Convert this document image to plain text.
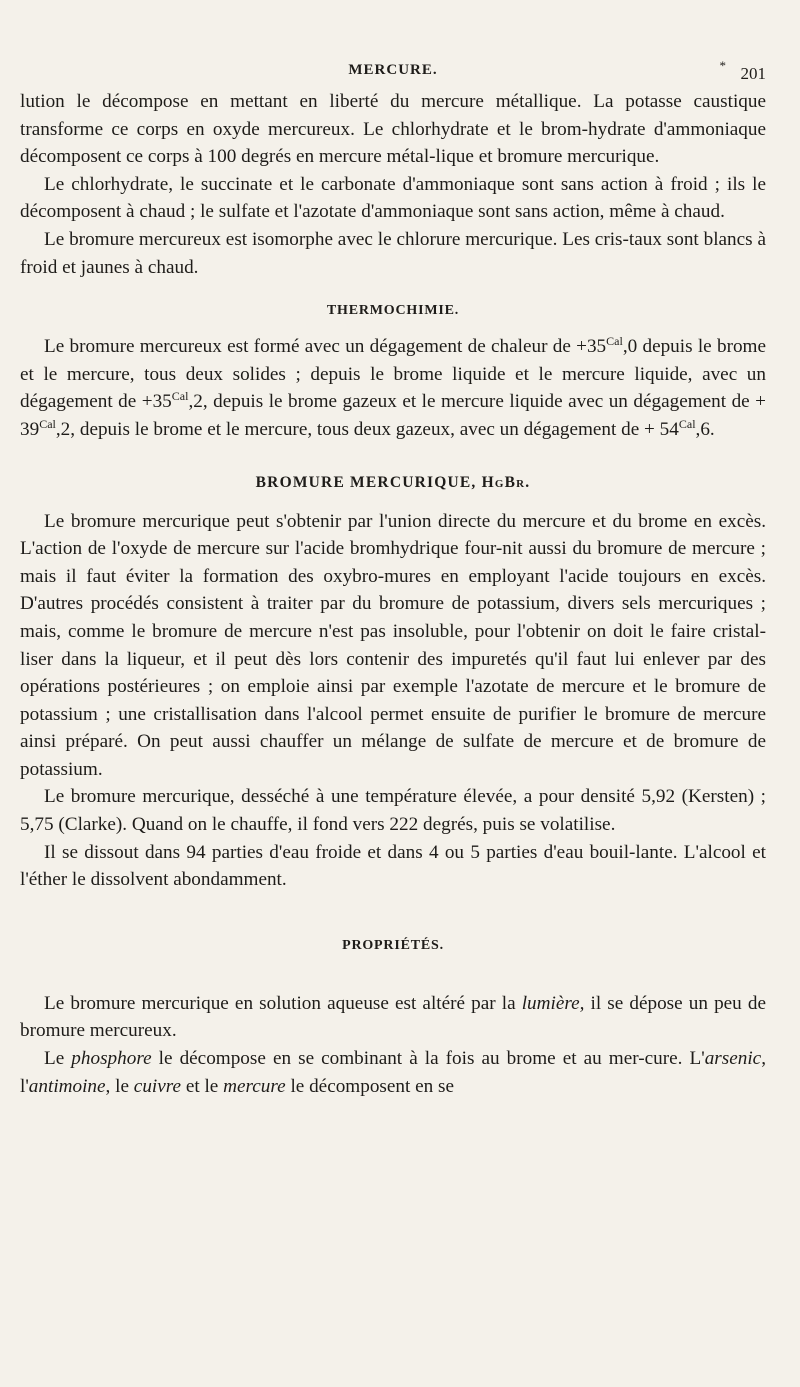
MERCURE.	* 201

lution le décompose en mettant en liberté du mercure métallique. La potasse caustique transforme ce corps en oxyde mercureux. Le chlorhydrate et le brom-hydrate d'ammoniaque décomposent ce corps à 100 degrés en mercure métal-lique et bromure mercurique.

Le chlorhydrate, le succinate et le carbonate d'ammoniaque sont sans action à froid ; ils le décomposent à chaud ; le sulfate et l'azotate d'ammoniaque sont sans action, même à chaud.

Le bromure mercureux est isomorphe avec le chlorure mercurique. Les cris-taux sont blancs à froid et jaunes à chaud.

THERMOCHIMIE.

Le bromure mercureux est formé avec un dégagement de chaleur de $+35^{Cal},0$ depuis le brome et le mercure, tous deux solides ; depuis le brome liquide et le mercure liquide, avec un dégagement de $+35^{Cal},2$, depuis le brome gazeux et le mercure liquide avec un dégagement de + $39^{Cal},2$, depuis le brome et le mercure, tous deux gazeux, avec un dégagement de + $54^{Cal},6$.

BROMURE MERCURIQUE, HgBr.

Le bromure mercurique peut s'obtenir par l'union directe du mercure et du brome en excès. L'action de l'oxyde de mercure sur l'acide bromhydrique four-nit aussi du bromure de mercure ; mais il faut éviter la formation des oxybro-mures en employant l'acide toujours en excès. D'autres procédés consistent à traiter par du bromure de potassium, divers sels mercuriques ; mais, comme le bromure de mercure n'est pas insoluble, pour l'obtenir on doit le faire cristal-liser dans la liqueur, et il peut dès lors contenir des impuretés qu'il faut lui enlever par des opérations postérieures ; on emploie ainsi par exemple l'azotate de mercure et le bromure de potassium ; une cristallisation dans l'alcool permet ensuite de purifier le bromure de mercure ainsi préparé. On peut aussi chauffer un mélange de sulfate de mercure et de bromure de potassium.

Le bromure mercurique, desséché à une température élevée, a pour densité 5,92 (Kersten) ; 5,75 (Clarke). Quand on le chauffe, il fond vers 222 degrés, puis se volatilise.

Il se dissout dans 94 parties d'eau froide et dans 4 ou 5 parties d'eau bouil-lante. L'alcool et l'éther le dissolvent abondamment.

PROPRIÉTÉS.

Le bromure mercurique en solution aqueuse est altéré par la lumière, il se dépose un peu de bromure mercureux.

Le phosphore le décompose en se combinant à la fois au brome et au mer-cure. L'arsenic, l'antimoine, le cuivre et le mercure le décomposent en se
